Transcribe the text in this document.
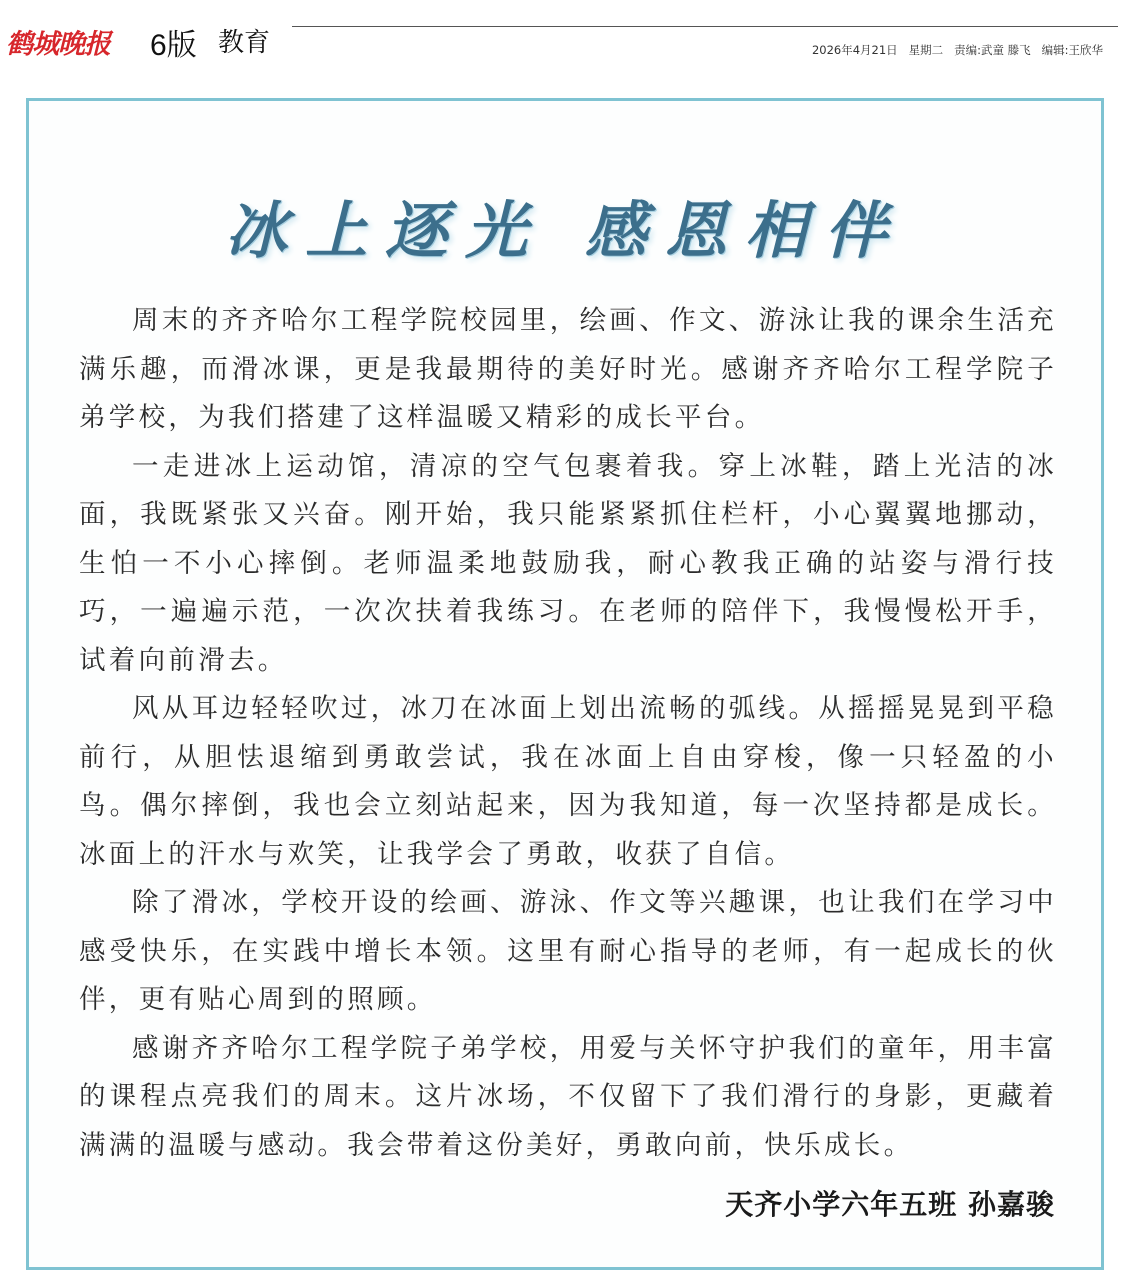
鹤城晚报 6版 教育	2026年4月21日 星期二 责编:武童 滕飞 编辑:王欣华
冰上逐光 感恩相伴

周末的齐齐哈尔工程学院校园里，绘画、作文、游泳让我的课余生活充满乐趣，而滑冰课，更是我最期待的美好时光。感谢齐齐哈尔工程学院子弟学校，为我们搭建了这样温暖又精彩的成长平台。

一走进冰上运动馆，清凉的空气包裹着我。穿上冰鞋，踏上光洁的冰面，我既紧张又兴奋。刚开始，我只能紧紧抓住栏杆，小心翼翼地挪动，生怕一不小心摔倒。老师温柔地鼓励我，耐心教我正确的站姿与滑行技巧，一遍遍示范，一次次扶着我练习。在老师的陪伴下，我慢慢松开手，试着向前滑去。

风从耳边轻轻吹过，冰刀在冰面上划出流畅的弧线。从摇摇晃晃到平稳前行，从胆怯退缩到勇敢尝试，我在冰面上自由穿梭，像一只轻盈的小鸟。偶尔摔倒，我也会立刻站起来，因为我知道，每一次坚持都是成长。冰面上的汗水与欢笑，让我学会了勇敢，收获了自信。

除了滑冰，学校开设的绘画、游泳、作文等兴趣课，也让我们在学习中感受快乐，在实践中增长本领。这里有耐心指导的老师，有一起成长的伙伴，更有贴心周到的照顾。

感谢齐齐哈尔工程学院子弟学校，用爱与关怀守护我们的童年，用丰富的课程点亮我们的周末。这片冰场，不仅留下了我们滑行的身影，更藏着满满的温暖与感动。我会带着这份美好，勇敢向前，快乐成长。

天齐小学六年五班 孙嘉骏
